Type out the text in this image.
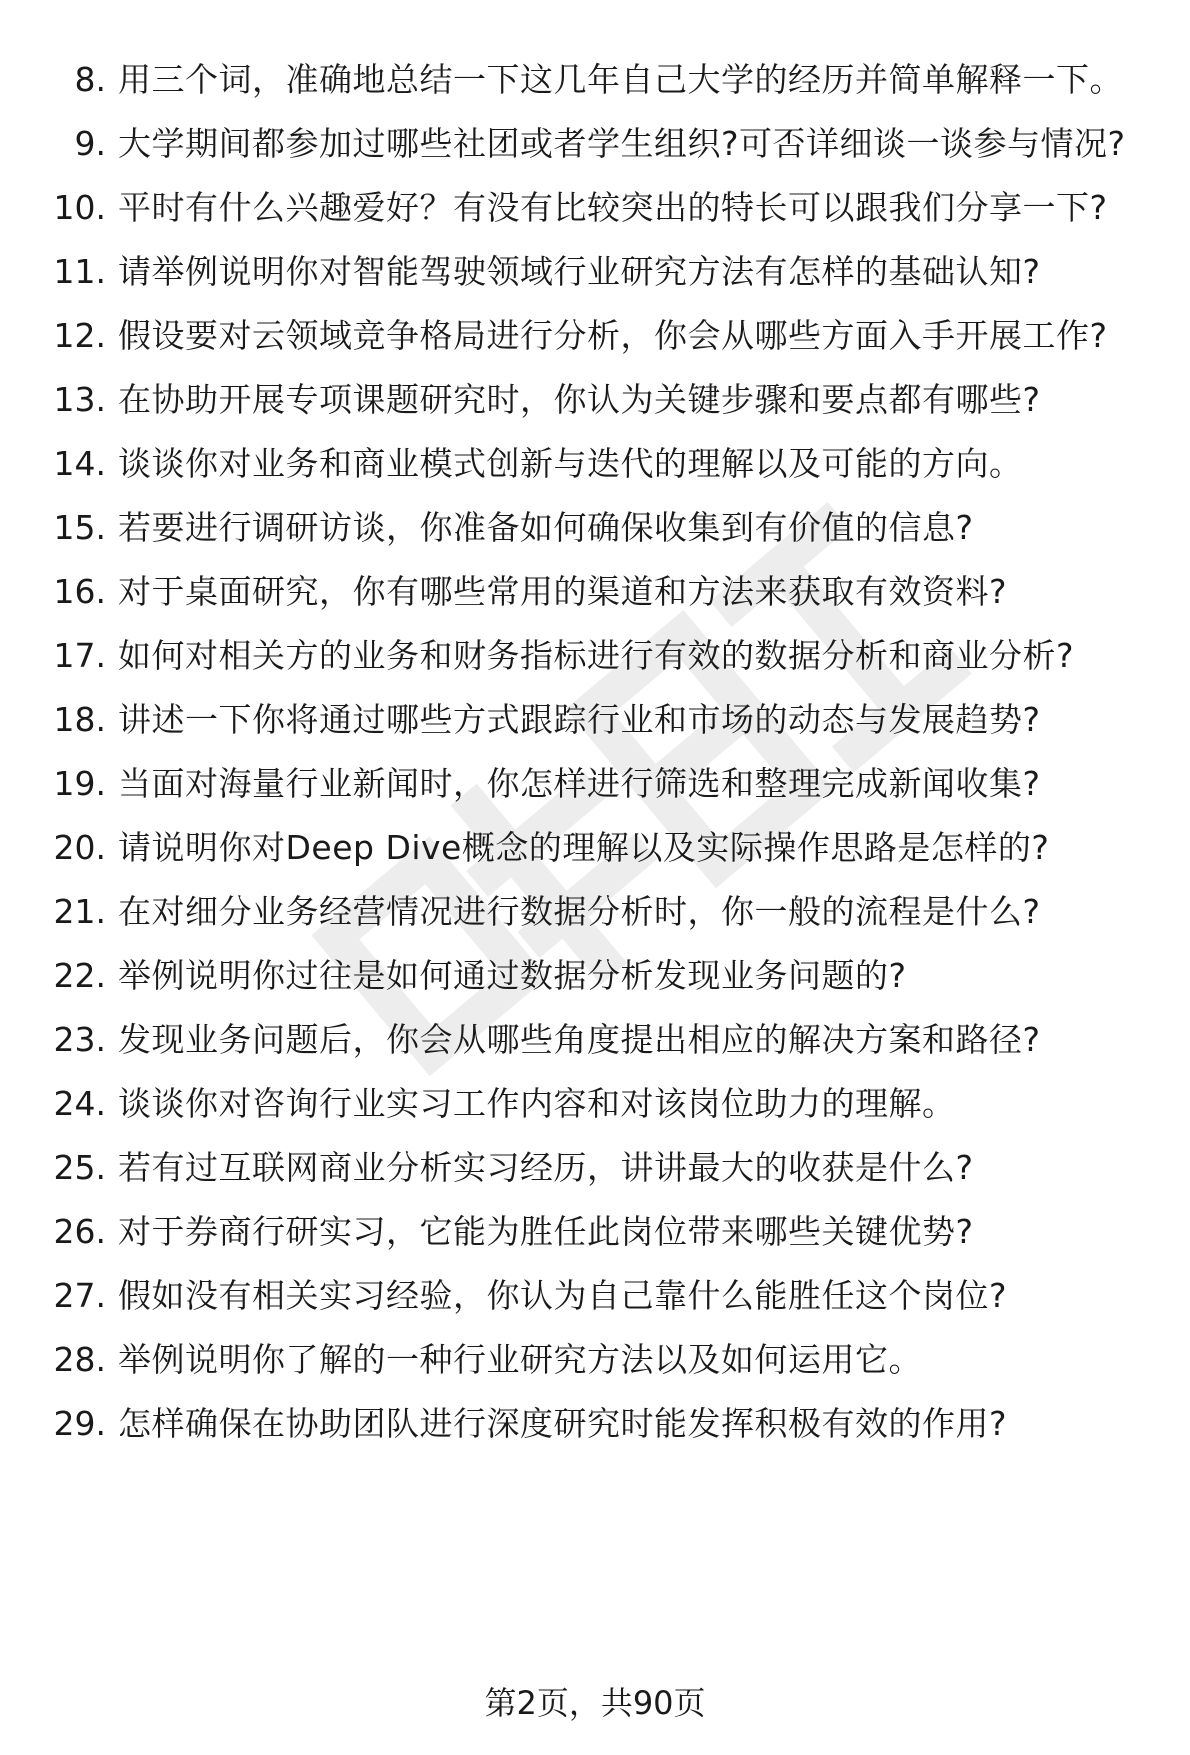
8. 用三个词，准确地总结一下这几年自己大学的经历并简单解释一下。
9. 大学期间都参加过哪些社团或者学生组织?可否详细谈一谈参与情况?
10. 平时有什么兴趣爱好？有没有比较突出的特长可以跟我们分享一下?
11. 请举例说明你对智能驾驶领域行业研究方法有怎样的基础认知?
12. 假设要对云领域竞争格局进行分析，你会从哪些方面入手开展工作?
13. 在协助开展专项课题研究时，你认为关键步骤和要点都有哪些?
14. 谈谈你对业务和商业模式创新与迭代的理解以及可能的方向。
15. 若要进行调研访谈，你准备如何确保收集到有价值的信息?
16. 对于桌面研究，你有哪些常用的渠道和方法来获取有效资料?
17. 如何对相关方的业务和财务指标进行有效的数据分析和商业分析?
18. 讲述一下你将通过哪些方式跟踪行业和市场的动态与发展趋势?
19. 当面对海量行业新闻时，你怎样进行筛选和整理完成新闻收集?
20. 请说明你对Deep Dive概念的理解以及实际操作思路是怎样的?
21. 在对细分业务经营情况进行数据分析时，你一般的流程是什么?
22. 举例说明你过往是如何通过数据分析发现业务问题的?
23. 发现业务问题后，你会从哪些角度提出相应的解决方案和路径?
24. 谈谈你对咨询行业实习工作内容和对该岗位助力的理解。
25. 若有过互联网商业分析实习经历，讲讲最大的收获是什么?
26. 对于券商行研实习，它能为胜任此岗位带来哪些关键优势?
27. 假如没有相关实习经验，你认为自己靠什么能胜任这个岗位?
28. 举例说明你了解的一种行业研究方法以及如何运用它。
29. 怎样确保在协助团队进行深度研究时能发挥积极有效的作用?
第2页，共90页
